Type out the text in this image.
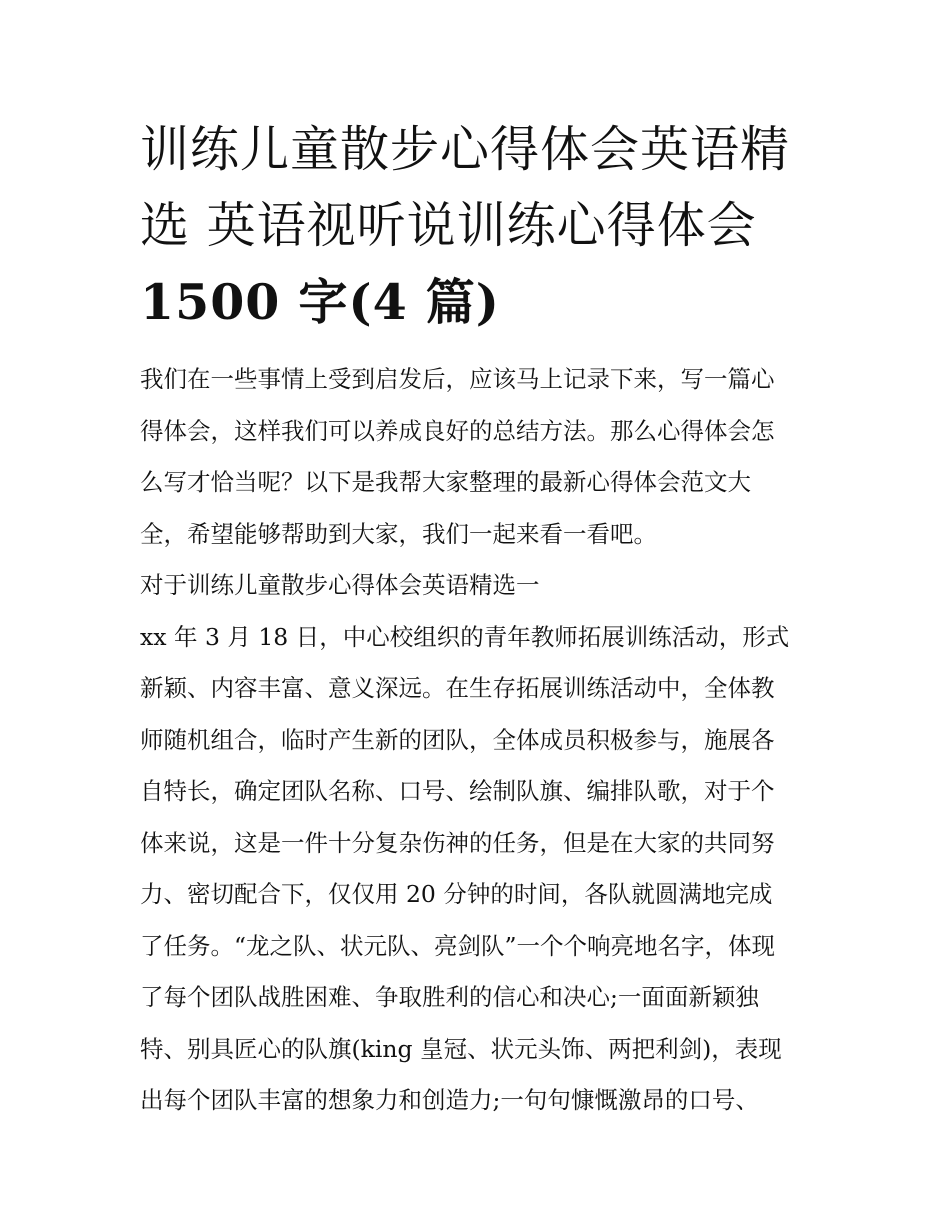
训练儿童散步心得体会英语精
选 英语视听说训练心得体会
1500 字(4 篇)
我们在一些事情上受到启发后，应该马上记录下来，写一篇心
得体会，这样我们可以养成良好的总结方法。那么心得体会怎
么写才恰当呢？以下是我帮大家整理的最新心得体会范文大
全，希望能够帮助到大家，我们一起来看一看吧。
对于训练儿童散步心得体会英语精选一
xx 年 3 月 18 日，中心校组织的青年教师拓展训练活动，形式
新颖、内容丰富、意义深远。在生存拓展训练活动中，全体教
师随机组合，临时产生新的团队，全体成员积极参与，施展各
自特长，确定团队名称、口号、绘制队旗、编排队歌，对于个
体来说，这是一件十分复杂伤神的任务，但是在大家的共同努
力、密切配合下，仅仅用 20 分钟的时间，各队就圆满地完成
了任务。“龙之队、状元队、亮剑队”一个个响亮地名字，体现
了每个团队战胜困难、争取胜利的信心和决心;一面面新颖独
特、别具匠心的队旗(king 皇冠、状元头饰、两把利剑)，表现
出每个团队丰富的想象力和创造力;一句句慷慨激昂的口号、
